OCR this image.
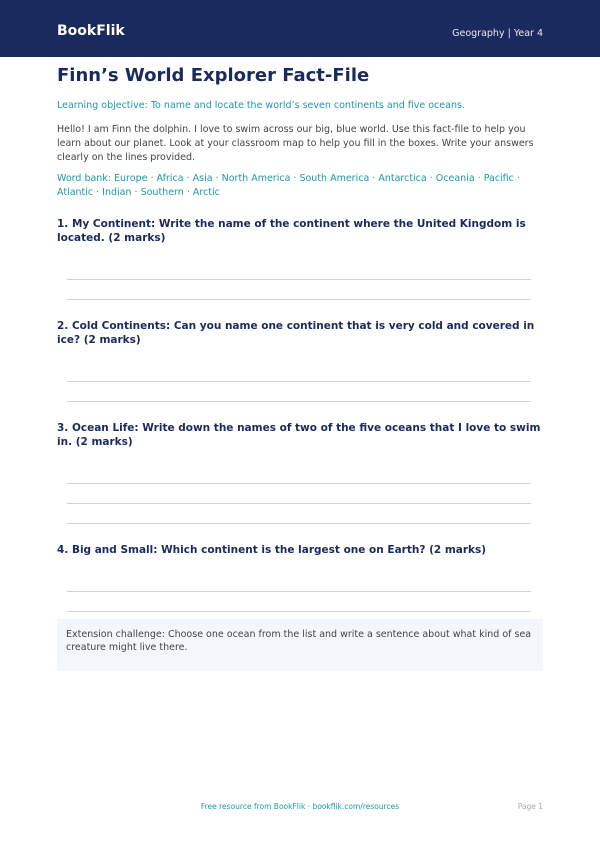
BookFlik	Geography | Year 4
Finn’s World Explorer Fact-File
Learning objective: To name and locate the world’s seven continents and five oceans.
Hello! I am Finn the dolphin. I love to swim across our big, blue world. Use this fact-file to help you learn about our planet. Look at your classroom map to help you fill in the boxes. Write your answers clearly on the lines provided.
Word bank: Europe · Africa · Asia · North America · South America · Antarctica · Oceania · Pacific · Atlantic · Indian · Southern · Arctic
1. My Continent: Write the name of the continent where the United Kingdom is located. (2 marks)
2. Cold Continents: Can you name one continent that is very cold and covered in ice? (2 marks)
3. Ocean Life: Write down the names of two of the five oceans that I love to swim in. (2 marks)
4. Big and Small: Which continent is the largest one on Earth? (2 marks)
Extension challenge: Choose one ocean from the list and write a sentence about what kind of sea creature might live there.
Free resource from BookFlik · bookflik.com/resources	Page 1
